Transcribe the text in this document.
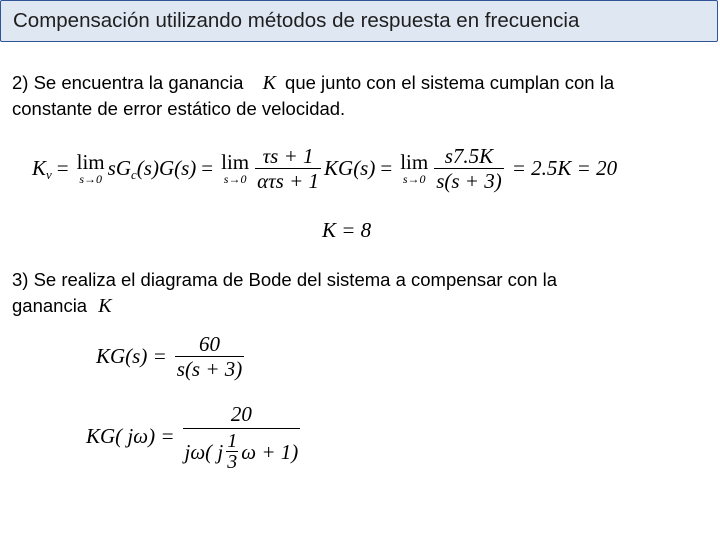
Compensación utilizando métodos de respuesta en frecuencia
2) Se encuentra la ganancia K que junto con el sistema cumplan con la
constante de error estático de velocidad.
K v = lim
s→0 sG c (s)G(s) = lim
$s\to 0 \frac{\tau s + 1}{\text{ατs + 1}} KG(s) = \lim$
$s\to 0 \frac{s7.5K}{s(s + 3)} = 2.5K = 20$
K = 8
3) Se realiza el diagrama de Bode del sistema a compensar con la
ganancia K
$KG(s) = \frac{60}{s(s + 3)}$
KG( $j\omega) = \frac{20}{j\omega( j \frac{1}{3} \omega + 1)}$
